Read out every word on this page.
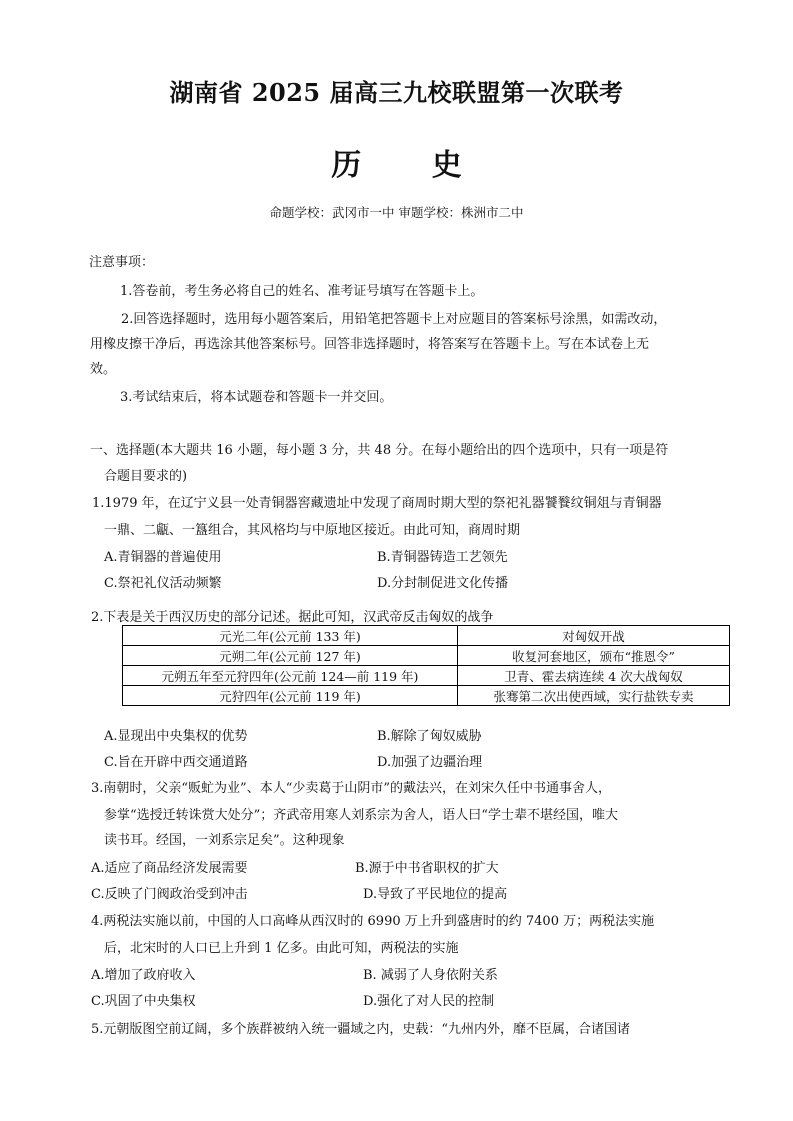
湖南省 2025 届高三九校联盟第一次联考
历 史
命题学校：武冈市一中 审题学校：株洲市二中
注意事项：
1.答卷前，考生务必将自己的姓名、准考证号填写在答题卡上。
2.回答选择题时，选用每小题答案后，用铅笔把答题卡上对应题目的答案标号涂黑，如需改动，
用橡皮擦干净后，再选涂其他答案标号。回答非选择题时，将答案写在答题卡上。写在本试卷上无
效。
3.考试结束后，将本试题卷和答题卡一并交回。
一、选择题(本大题共 16 小题，每小题 3 分，共 48 分。在每小题给出的四个选项中，只有一项是符
合题目要求的)
1.1979 年，在辽宁义县一处青铜器窖藏遗址中发现了商周时期大型的祭祀礼器饕餮纹铜俎与青铜器
一鼎、二甗、一簋组合，其风格均与中原地区接近。由此可知，商周时期
A.青铜器的普遍使用	B.青铜器铸造工艺领先
C.祭祀礼仪活动频繁	D.分封制促进文化传播
2.下表是关于西汉历史的部分记述。据此可知，汉武帝反击匈奴的战争
元光二年(公元前 133 年)	对匈奴开战
元朔二年(公元前 127 年)	收复河套地区，颁布“推恩令”
元朔五年至元狩四年(公元前 124—前 119 年)	卫青、霍去病连续 4 次大战匈奴
元狩四年(公元前 119 年)	张骞第二次出使西域，实行盐铁专卖
A.显现出中央集权的优势	B.解除了匈奴威胁
C.旨在开辟中西交通道路	D.加强了边疆治理
3.南朝时，父亲“贩虻为业”、本人“少卖葛于山阴市”的戴法兴，在刘宋久任中书通事舍人，
参掌“选授迁转诛赏大处分”；齐武帝用寒人刘系宗为舍人，语人曰“学士辈不堪经国，唯大
读书耳。经国，一刘系宗足矣”。这种现象
A.适应了商品经济发展需要	B.源于中书省职权的扩大
C.反映了门阀政治受到冲击	D.导致了平民地位的提高
4.两税法实施以前，中国的人口高峰从西汉时的 6990 万上升到盛唐时的约 7400 万；两税法实施
后，北宋时的人口已上升到 1 亿多。由此可知，两税法的实施
A.增加了政府收入	B. 减弱了人身依附关系
C.巩固了中央集权	D.强化了对人民的控制
5.元朝版图空前辽阔，多个族群被纳入统一疆域之内，史载：“九州内外，靡不臣属，合诸国诸
